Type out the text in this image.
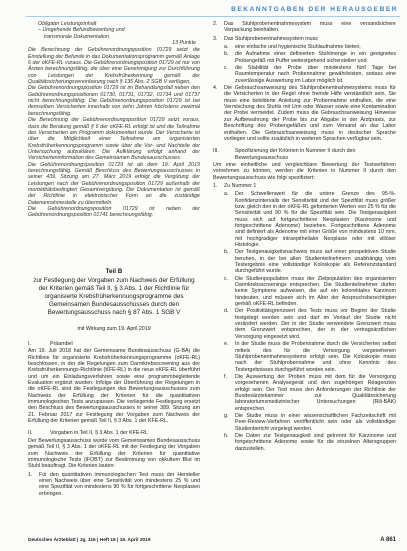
BEKANNTGABEN DER HERAUSGEBER
Obligater Leistungsinhalt
– Umgehende Befundbewertung und
transmurale Dokumentation.
13 Punkte

Die Berechnung der Gebührenordnungsposition 01729 setzt die Einstellung der Befunde in das Dokumentationsprogramm gemäß Anlage 6 der oKFE-RL voraus. Die Gebührenordnungsposition 01729 ist nur von Ärzten berechnungsfähig, die über eine Genehmigung zur Durchführung von Leistungen der Krebsfrüherkennung gemäß der Qualitätssicherungsvereinbarung nach § 135 Abs. 2 SGB V verfügen.

Die Gebührenordnungsposition 01729 ist im Behandlungsfall neben den Gebührenordnungspositionen 01730, 01731, 01732, 01734 und 01737 nicht berechnungsfähig. Die Gebührenordnungsposition 01729 ist bei demselben Versicherten innerhalb von zehn Jahren höchstens zweimal berechnungsfähig.

Die Berechnung der Gebührenordnungsposition 01729 setzt voraus, dass die Beratung gemäß § 6 der oKFE-RL erfolgt ist und die Teilnahme des Versicherten am Programm dokumentiert wurde. Der Versicherte ist über die Möglichkeit einer Teilnahme am organisierten Krebsfrüherkennungsprogramm sowie über die Vor- und Nachteile der Untersuchung aufzuklären. Die Aufklärung erfolgt anhand der Versicherteninformation des Gemeinsamen Bundesausschusses.

Die Gebührenordnungsposition 01729 ist ab dem 19. April 2019 berechnungsfähig. Gemäß Beschluss des Bewertungsausschusses in seiner 439. Sitzung am 27. März 2019 erfolgt die Vergütung der Leistungen nach der Gebührenordnungsposition 01729 außerhalb der morbiditätsbedingten Gesamtvergütung. Die Dokumentation ist gemäß der Richtlinie in elektronischer Form an die zuständige Datenannahmestelle zu übermitteln.

Die Gebührenordnungsposition 01729 ist neben der Gebührenordnungsposition 01741 berechnungsfähig.

Teil B
zur Festlegung der Vorgaben zum Nachweis der Erfüllung der Kriterien gemäß Teil II, § 3 Abs. 1 der Richtlinie für organisierte Krebsfrüherkennungsprogramme des Gemeinsamen Bundesausschusses durch den Bewertungsausschuss nach § 87 Abs. 1 SGB V
mit Wirkung zum 19. April 2019
I.	Präambel

Am 19. Juli 2018 hat der Gemeinsame Bundesausschuss (G-BA) die Richtlinie für organisierte Krebsfrüherkennungsprogramme (oKFE-RL) beschlossen, in der die Regelungen zum Darmkrebsscreening aus der Krebsfrüherkennungs-Richtlinie (KFE-RL) in die neue oKFE-RL überführt und um ein Einladungsverfahren sowie eine programmbegleitende Evaluation ergänzt wurden. Infolge der Überführung der Regelungen in die oKFE-RL sind die Festlegungen des Bewertungsausschusses zum Nachweis der Erfüllung der Kriterien für die quantitativen immunologischen Tests anzupassen. Die vorliegende Festlegung ersetzt den Beschluss des Bewertungsausschusses in seiner 389. Sitzung am 21. Februar 2017 zur Festlegung der Vorgaben zum Nachweis der Erfüllung der Kriterien gemäß Teil II, § 3 Abs. 1 der KFE-RL.

II.	Vorgaben in Teil II, § 3 Abs. 1 der KFE-RL

Der Bewertungsausschuss wurde vom Gemeinsamen Bundesausschuss gemäß Teil II, § 3 Abs. 1 der oKFE-RL mit der Festlegung der Vorgaben zum Nachweis der Erfüllung der Kriterien für quantitative immunologische Tests (iFOBT) zur Bestimmung von okkultem Blut im Stuhl beauftragt. Die Kriterien lauten:

1.	Für den quantitativen immunologischen Test muss der Hersteller einen Nachweis über eine Sensitivität von mindestens 25 % und eine Spezifität von mindestens 90 % für fortgeschrittene Neoplasien erbringen.
2.	Das Stuhlprobenentnahmesystem muss eine versandsichere Verpackung beinhalten.
3.	Das Stuhlprobenentnahmesystem muss
a.	eine einfache und hygienische Stuhlaufnahme bieten,
b.	die Aufnahme einer definierten Stuhlmenge in ein geeignetes Probengefäß mit Puffer weitestgehend sicherstellen und
c.	die Stabilität der Probe über mindestens fünf Tage bei Raumtemperatur nach Probennahme gewährleisten, sodass eine zuverlässige Auswertung im Labor möglich ist.
4.	Die Gebrauchsanweisung des Stuhlprobenentnahmesystems muss für die Versicherten in der Regel ohne fremde Hilfe verständlich sein. Sie muss eine bebilderte Anleitung zur Probennahme enthalten, die eine Vermischung des Stuhls mit Urin oder Wasser sowie eine Kontamination der Probe vermeidet. Zudem muss die Gebrauchsanweisung Hinweise zur Aufbewahrung der Probe bis zur Abgabe in der Arztpraxis, zur Beschriftung des Probengefäßes und zum Versand an das Labor enthalten. Die Gebrauchsanweisung muss in deutscher Sprache vorliegen und sollte zusätzlich in weiteren Sprachen verfügbar sein.
III.	Spezifizierung der Kriterien in Nummer II durch den Bewertungsausschuss

Um eine einheitliche und vergleichbare Bewertung der Testverfahren vornehmen zu können, werden die Kriterien in Nummer II durch den Bewertungsausschuss wie folgt spezifiziert:

1.	Zu Nummer 1
a.	Der Schwellenwert für die untere Grenze des 95-%-Konfidenzintervalls der Sensitivität und der Spezifität muss größer bzw. gleich den in der oKFE-RL geforderten Werten von 25 % für die Sensitivität und 90 % für die Spezifität sein. Die Testgenauigkeit muss sich auf fortgeschrittene Neoplasien (Karzinome und fortgeschrittene Adenome) beziehen. Fortgeschrittene Adenome sind definiert als Adenome mit einer Größe von mindestens 10 mm, mit hochgradiger intraepithelialer Neoplasie oder mit villöser Histologie.
b.	Der Testgenauigkeitsnachweis muss auf einer prospektiven Studie beruhen, in der bei allen Studienteilnehmern unabhängig vom Testergebnis eine vollständige Koloskopie als Referenzstandard durchgeführt wurde.
c.	Die Studienpopulation muss der Zielpopulation des organisierten Darmkrebsscreenings entsprechen. Die Studienteilnehmer dürfen keine Symptome aufweisen, die auf ein kolorektales Karzinom hindeuten, und müssen sich im Alter der Anspruchsberechtigten gemäß oKFE-RL befinden.
d.	Der Positivitätsgrenzwert des Tests muss vor Beginn der Studie festgelegt worden sein und darf im Verlauf der Studie nicht verändert werden. Der in der Studie verwendete Grenzwert muss dem Grenzwert entsprechen, der in der vertragsärztlichen Versorgung eingesetzt wird.
e.	In der Studie muss die Probennahme durch die Versicherten selbst mittels des für die Versorgung vorgesehenen Stuhlprobenentnahmesystems erfolgt sein. Die Koloskopie muss nach der Stuhlprobennahme und ohne Kenntnis des Testergebnisses durchgeführt worden sein.
f.	Die Auswertung der Proben muss mit dem für die Versorgung vorgesehenen Analysegerät und den zugehörigen Reagenzien erfolgt sein. Der Test muss den Anforderungen der Richtlinie der Bundesärztekammer zur Qualitätssicherung laboratoriumsmedizinischer Untersuchungen (Rili-BÄK) entsprechen.
g.	Die Studie muss in einer wissenschaftlichen Fachzeitschrift mit Peer-Review-Verfahren veröffentlicht sein oder als vollständiger Studienbericht vorgelegt werden.
h.	Die Daten zur Testgenauigkeit sind getrennt für Karzinome und fortgeschrittene Adenome sowie für die einzelnen Altersgruppen darzustellen.
Deutsches Ärzteblatt | Jg. 116 | Heft 16 | 19. April 2019	A 861
